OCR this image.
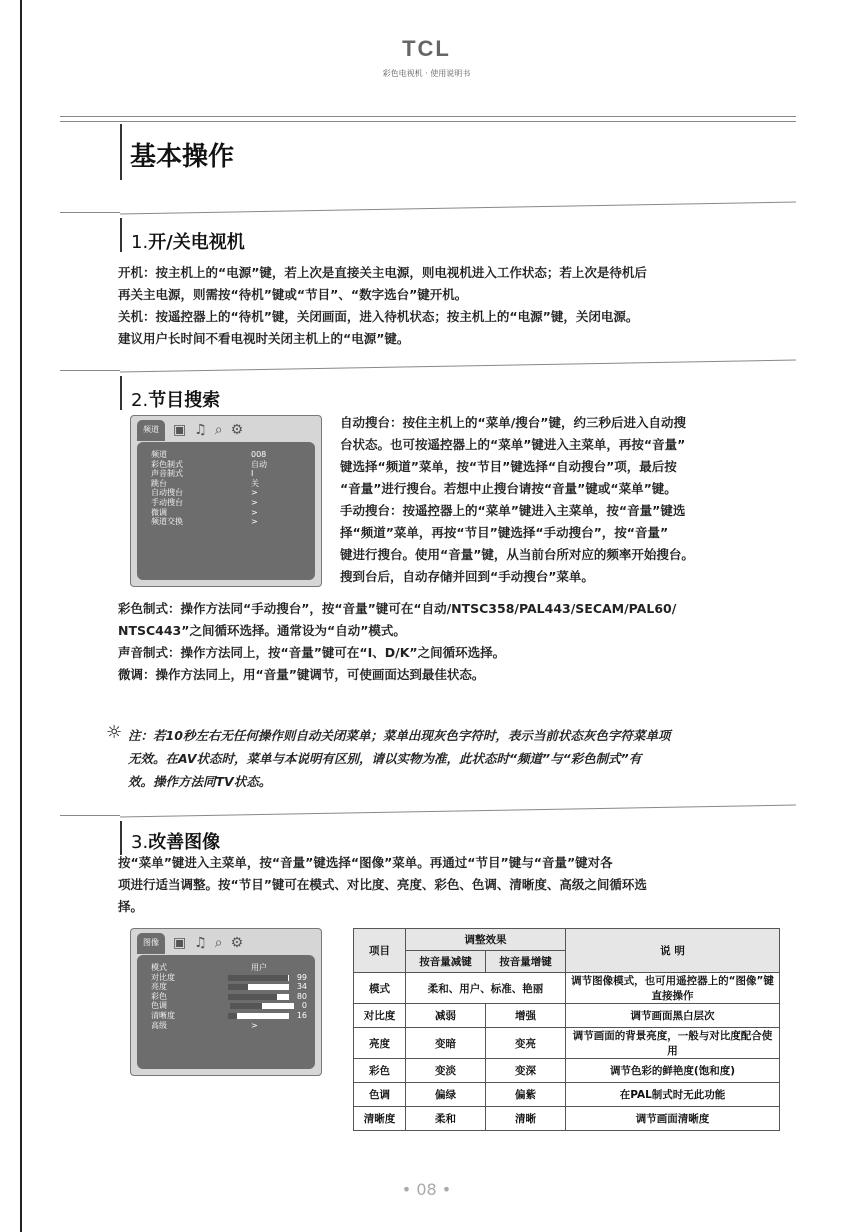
TCL
彩色电视机 · 使用说明书
基本操作
1.开/关电视机
开机：按主机上的“电源”键，若上次是直接关主电源，则电视机进入工作状态；若上次是待机后
再关主电源，则需按“待机”键或“节目”、“数字选台”键开机。
关机：按遥控器上的“待机”键，关闭画面，进入待机状态；按主机上的“电源”键，关闭电源。
建议用户长时间不看电视时关闭主机上的“电源”键。
2.节目搜索
频道	▣ ♫ ⌕ ⚙
频道	008
彩色制式	自动
声音制式	I
跳台	关
自动搜台	>
手动搜台	>
微调	>
频道交换	>
自动搜台：按住主机上的“菜单/搜台”键，约三秒后进入自动搜
台状态。也可按遥控器上的“菜单”键进入主菜单，再按“音量”
键选择“频道”菜单，按“节目”键选择“自动搜台”项，最后按
“音量”进行搜台。若想中止搜台请按“音量”键或“菜单”键。
手动搜台：按遥控器上的“菜单”键进入主菜单，按“音量”键选
择“频道”菜单，再按“节目”键选择“手动搜台”，按“音量”
键进行搜台。使用“音量”键，从当前台所对应的频率开始搜台。
搜到台后，自动存储并回到“手动搜台”菜单。
彩色制式：操作方法同“手动搜台”，按“音量”键可在“自动/NTSC358/PAL443/SECAM/PAL60/
NTSC443”之间循环选择。通常设为“自动”模式。
声音制式：操作方法同上，按“音量”键可在“I、D/K”之间循环选择。
微调：操作方法同上，用“音量”键调节，可使画面达到最佳状态。
☼ 注：若10秒左右无任何操作则自动关闭菜单；菜单出现灰色字符时，表示当前状态灰色字符菜单项
无效。在AV状态时，菜单与本说明有区别，请以实物为准，此状态时“频道”与“彩色制式”有
效。操作方法同TV状态。
3.改善图像
按“菜单”键进入主菜单，按“音量”键选择“图像”菜单。再通过“节目”键与“音量”键对各
项进行适当调整。按“节目”键可在模式、对比度、亮度、彩色、色调、清晰度、高级之间循环选
择。
图像	▣ ♫ ⌕ ⚙
模式	用户
对比度	99
亮度	34
彩色	80
色调	0
清晰度	16
高级	>
项目	调整效果		说 明
	按音量减键	按音量增键	
模式	柔和、用户、标准、艳丽		调节图像模式，也可用遥控器上的“图像”键直接操作
对比度	减弱	增强	调节画面黑白层次
亮度	变暗	变亮	调节画面的背景亮度，一般与对比度配合使用
彩色	变淡	变深	调节色彩的鲜艳度(饱和度)
色调	偏绿	偏紫	在PAL制式时无此功能
清晰度	柔和	清晰	调节画面清晰度
• 08 •
